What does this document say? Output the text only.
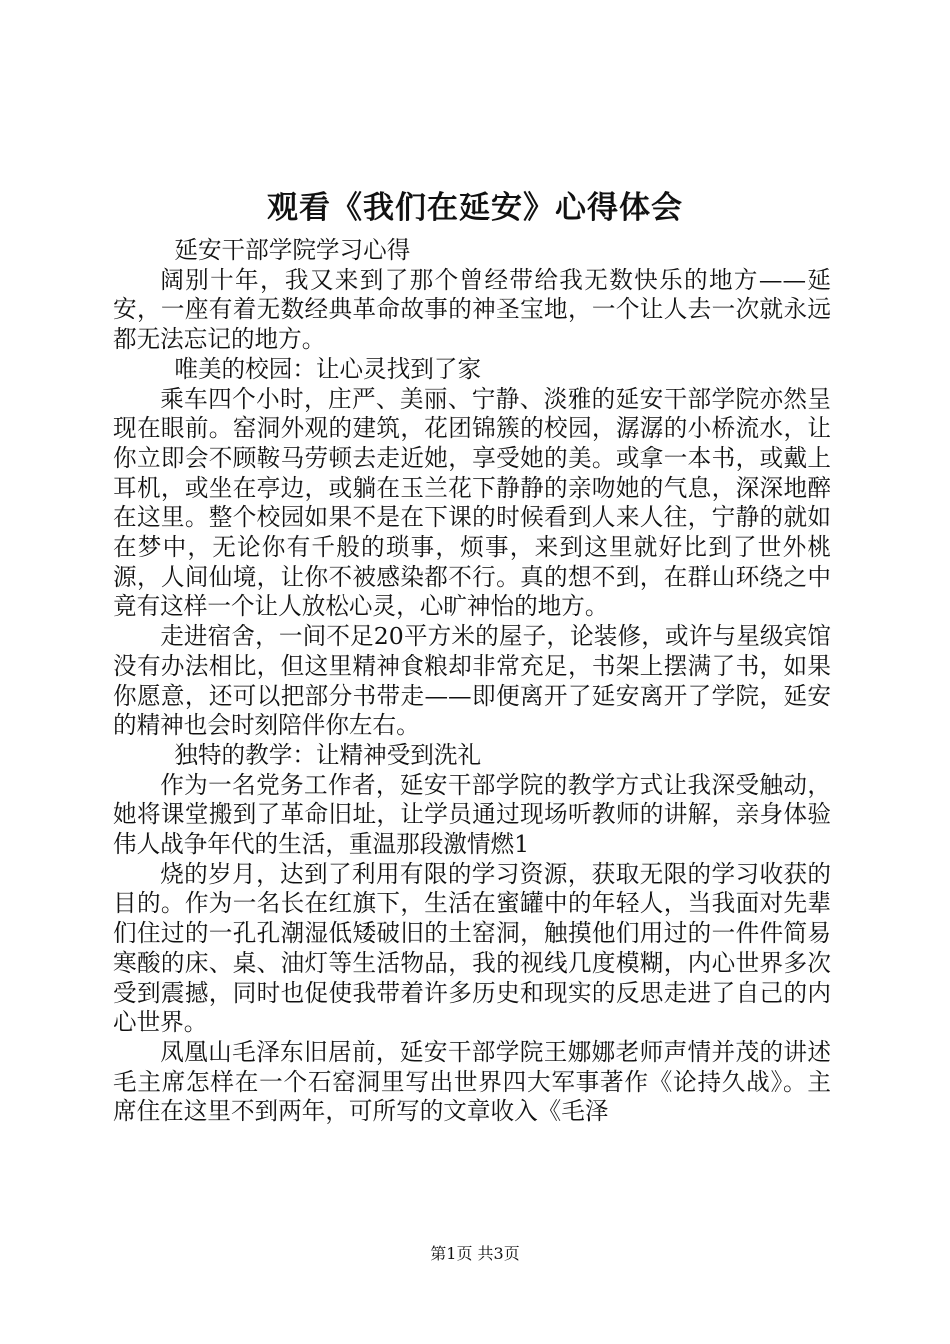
观看《我们在延安》心得体会

延安干部学院学习心得

阔别十年，我又来到了那个曾经带给我无数快乐的地方——延安，一座有着无数经典革命故事的神圣宝地，一个让人去一次就永远都无法忘记的地方。

唯美的校园：让心灵找到了家

乘车四个小时，庄严、美丽、宁静、淡雅的延安干部学院亦然呈现在眼前。窑洞外观的建筑，花团锦簇的校园，潺潺的小桥流水，让你立即会不顾鞍马劳顿去走近她，享受她的美。或拿一本书，或戴上耳机，或坐在亭边，或躺在玉兰花下静静的亲吻她的气息，深深地醉在这里。整个校园如果不是在下课的时候看到人来人往，宁静的就如在梦中，无论你有千般的琐事，烦事，来到这里就好比到了世外桃源，人间仙境，让你不被感染都不行。真的想不到，在群山环绕之中竟有这样一个让人放松心灵，心旷神怡的地方。

走进宿舍，一间不足20平方米的屋子，论装修，或许与星级宾馆没有办法相比，但这里精神食粮却非常充足，书架上摆满了书，如果你愿意，还可以把部分书带走——即便离开了延安离开了学院，延安的精神也会时刻陪伴你左右。

独特的教学：让精神受到洗礼

作为一名党务工作者，延安干部学院的教学方式让我深受触动，她将课堂搬到了革命旧址，让学员通过现场听教师的讲解，亲身体验伟人战争年代的生活，重温那段激情燃1

烧的岁月，达到了利用有限的学习资源，获取无限的学习收获的目的。作为一名长在红旗下，生活在蜜罐中的年轻人，当我面对先辈们住过的一孔孔潮湿低矮破旧的土窑洞，触摸他们用过的一件件简易寒酸的床、桌、油灯等生活物品，我的视线几度模糊，内心世界多次受到震撼，同时也促使我带着许多历史和现实的反思走进了自己的内心世界。

凤凰山毛泽东旧居前，延安干部学院王娜娜老师声情并茂的讲述毛主席怎样在一个石窑洞里写出世界四大军事著作《论持久战》。主席住在这里不到两年，可所写的文章收入《毛泽

第1页 共3页
